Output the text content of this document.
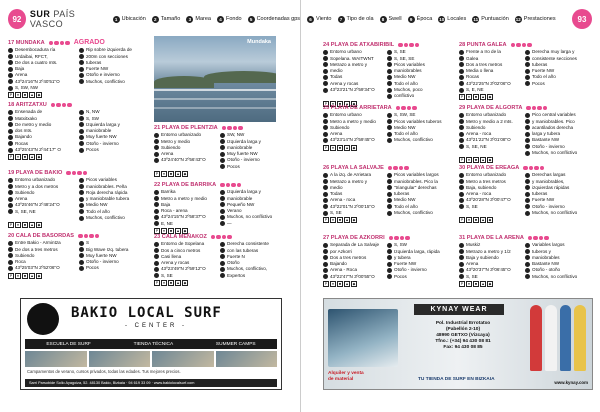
92 SUR PAÍS VASCO	1 Ubicación	2 Tamaño	3 Marea	4 Fondo	5 Coordenadas gps
Mundaka
17 MUNDAKA	AGRADO
Desembocadura ría
Urdaibai, RFCT,
De dos a cuatro mts.
Baja
Arena
43º24'16"N 2º40'51"O
S, SW, NW
Rip sobre izquierda de
200m con secciones
tuberas
Fuerte NW
Otoño e invierno
Muchos, conflictivo
P	●	■	▲	◆
18 ARITZATXU
Ensenada de
Matxitxako
De metro y medio
dos mts.
Bajando
Rocas
43º25'43"N 2º44'17" O
N, NW
S, SW
Izquierda larga y
maniobrable
Muy fuerte NW
Otoño - invierno
Pocos
P	●	■	▲	◆
19 PLAYA DE BAKIO
Entorno urbanizado
Metro y a dos metros
Subiendo
Arena
43º25'46"N 2º48'24"O
S, SE, NE
Picos variables
maniobrables. Peña
Roja derecha rápida
y maniobrable tubera
Medio NW
Todo el año
Muchos, conflictivo
P	●	■	▲	◆
20 CALA DE BASORDAS
Entre Bakio - Armintza
De dos a tres metros
Subiendo
Roca
43º25'03"N 2º52'06"O
S
Big Wave Izq. tubera
Muy fuerte NW
Otoño - invierno
Pocos
P	●	■	▲	◆
21 PLAYA DE PLENTZIA
Entorno urbanizado
Metro y medio
Subiendo
Arena
43º24'40"N 2º56'43"O
SW, NW
Izquierda larga y
maniobrable
Muy fuerte NW
Otoño - invierno
Pocos
P	●	■	▲	◆
22 PLAYA DE BARRIKA
Barrika
Metro a metro y medio
Baja
Roca - arena
43º24'15"N 2º58'37"O
E, NE
Izquierda larga y
maniobrable
Pequeño NW
Verano
Muchos, no conflictivo
—
P	●	■	▲	◆
23 CALA MEÑAKOZ
Entorno de Sopelana
Dos a cinco metros
Casi llena
Arena y rocas
43º23'49"N 2º59'12"O
S, SE
Derecha consistente
con las tuberas
Fuerte N
Otoño
Muchos, conflictivo,
Expertos
P	●	■	▲	◆
BAKIO LOCAL SURF
- CENTER -
ESCUELA DE SURF	TIENDA TÉCNICA	SUMMER CAMPS
Campamentos de verano, cursos privados, todas las edades. Tus mejores precios.
Sarri Parsobide Sollo Ayagoiza, 52. 48130 Bakio, Bizkaia · 94 619 33 09 · www.bakiolocalsurf.com
6 Viento	7 Tipo de ola	8 Swell	9 Época 10 Locales 11 Puntuación 12 Prestaciones	93
24 PLAYA DE ATXABIRIBIL
Entorno urbano
Sopelana. WAITWNT
Metrazo a metro y
medio
Todas
Arena y rocas
43º23'21"N 2º59'34"O
S, SE
S, SE, SE
Picos variables
maniobrables
Medio NW
Todo el año
Muchos, poco
conflictivo
P	●	■	▲	◆
25 PLAYA DE ARRIETARA
Entorno urbano
Metro a metro y medio
Subiendo
Arena
43º23'14"N 2º59'45"O
S, SW, SE
Picos variables tuberos
Medio NW
Todo el año
Muchos, conflictivo
P	●	■	▲	◆
26 PLAYA LA SALVAJE
A la izq. de Arrietara
Metrazo a metro y
medio
Todas
Arena - roca
43º22'01"N 2º00'15"O
S, SE
Picos variables largos
maniobrables. Pico la
"triangular" derechas
tuberas
Medio NW
Todo el año
Muchos, conflictivo
P	●	■	▲	◆
27 PLAYA DE AZKORRI
Separada de La Salvaje
por Azkorri
Dos a tres metros
Bajando
Arena - Roca
43º22'47"N 3º00'55"O
S, SW
Izquierda larga, rápida
y tubera
Fuerte NW
Otoño - invierno
Pocos
P	●	■	▲	◆
28 PUNTA GALEA
Frente a Iro de la
Galea
Dos a tres metros
Media o llena
Rocas
43º22'25"N 3º02'06"O
S, E, NE
Derecha muy larga y
consistente secciones
tuberas
Fuerte NW
Todo el año
Pocos
P	●	■	▲	◆
29 PLAYA DE ALGORTA
Entorno urbanizado
Metro y medio a 2 mts.
Subiendo
Arena - roca
43º21'22"N 3º01'08"O
S, SE, NE
Pico central variables
y maniobrables. Pico
acantilados derecha
larga y tubera
Bastante NW
Otoño - invierno
Muchos, no conflictivo
P	●	■	▲	◆
30 PLAYA DE EREAGA
Entorno urbanizado
Metro a tres metros
Baja, subiendo
Arena - roca
43º20'28"N 3º00'47"O
S, SE
Derechas largas
y maniobrables,
izquierdas rápidas
tuberas
Fuerte NW
Otoño - invierno
Muchos, no conflictivo
P	●	■	▲	◆
31 PLAYA DE LA ARENA
Muskiz
Metrazo a metro y 1/2
Baja y subiendo
Arena
43º20'37"N 3º06'45"O
S, SE
Variables largos
tuberos y
maniobrables
Bastante NW
Otoño - otoño
Muchos, no conflictivo
P	●	■	▲	◆
KYNAY WEAR
Pol. Industrial Errotatxo
(Pabellón 2-10)
48990 GETXO (Vizcaya)
Tfno.: (+34) 94 430 08 81
Fax: 94 430 08 85
Alquiler y venta
de material	TU TIENDA DE SURF EN BIZKAIA
www.kynay.com
